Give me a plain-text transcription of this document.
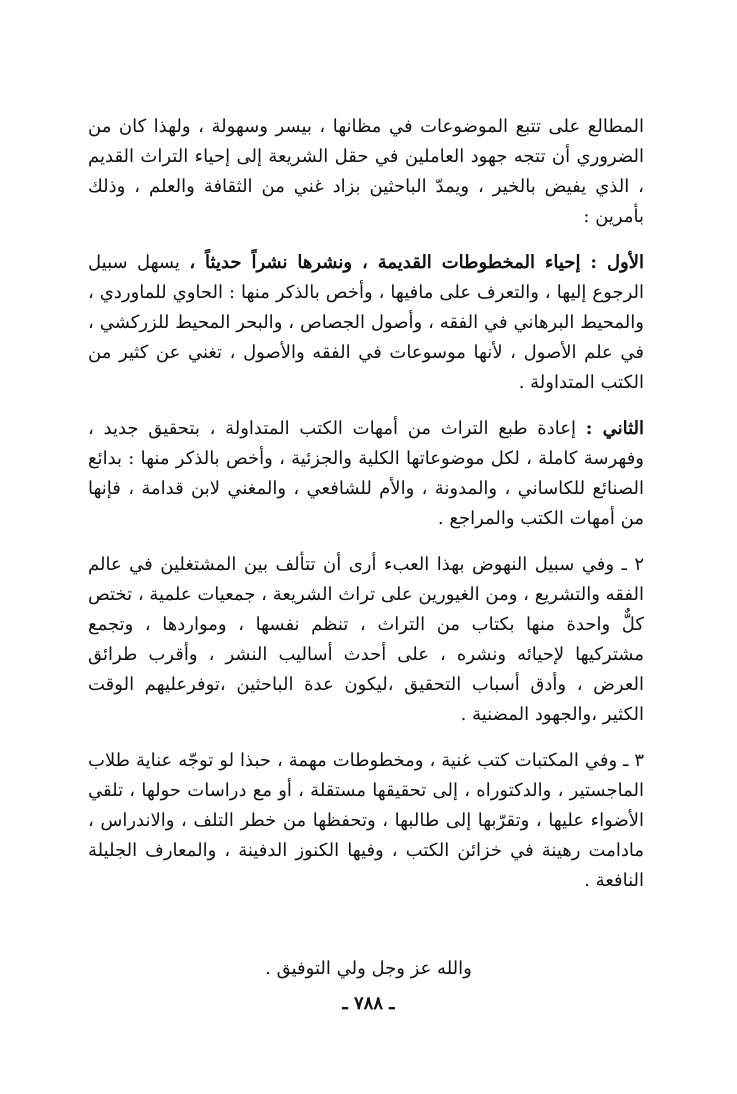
المطالع على تتبع الموضوعات في مظانها ، بيسر وسهولة ، ولهذا كان من الضروري أن تتجه جهود العاملين في حقل الشريعة إلى إحياء التراث القديم ، الذي يفيض بالخير ، ويمدّ الباحثين بزاد غني من الثقافة والعلم ، وذلك بأمرين :

الأول : إحياء المخطوطات القديمة ، ونشرها نشراً حديثاً ، يسهل سبيل الرجوع إليها ، والتعرف على مافيها ، وأخص بالذكر منها : الحاوي للماوردي ، والمحيط البرهاني في الفقه ، وأصول الجصاص ، والبحر المحيط للزركشي ، في علم الأصول ، لأنها موسوعات في الفقه والأصول ، تغني عن كثير من الكتب المتداولة .

الثاني : إعادة طبع التراث من أمهات الكتب المتداولة ، بتحقيق جديد ، وفهرسة كاملة ، لكل موضوعاتها الكلية والجزئية ، وأخص بالذكر منها : بدائع الصنائع للكاساني ، والمدونة ، والأم للشافعي ، والمغني لابن قدامة ، فإنها من أمهات الكتب والمراجع .

٢ ـ وفي سبيل النهوض بهذا العبء أرى أن تتألف بين المشتغلين في عالم الفقه والتشريع ، ومن الغيورين على تراث الشريعة ، جمعيات علمية ، تختص كلٌّ واحدة منها بكتاب من التراث ، تنظم نفسها ، ومواردها ، وتجمع مشتركيها لإحيائه ونشره ، على أحدث أساليب النشر ، وأقرب طرائق العرض ، وأدق أسباب التحقيق ،ليكون عدة الباحثين ،توفرعليهم الوقت الكثير ،والجهود المضنية .

٣ ـ وفي المكتبات كتب غنية ، ومخطوطات مهمة ، حبذا لو توجّه عناية طلاب الماجستير ، والدكتوراه ، إلى تحقيقها مستقلة ، أو مع دراسات حولها ، تلقي الأضواء عليها ، وتقرّبها إلى طالبها ، وتحفظها من خطر التلف ، والاندراس ، مادامت رهينة في خزائن الكتب ، وفيها الكنوز الدفينة ، والمعارف الجليلة النافعة .

والله عز وجل ولي التوفيق .
ـ ٧٨٨ ـ
